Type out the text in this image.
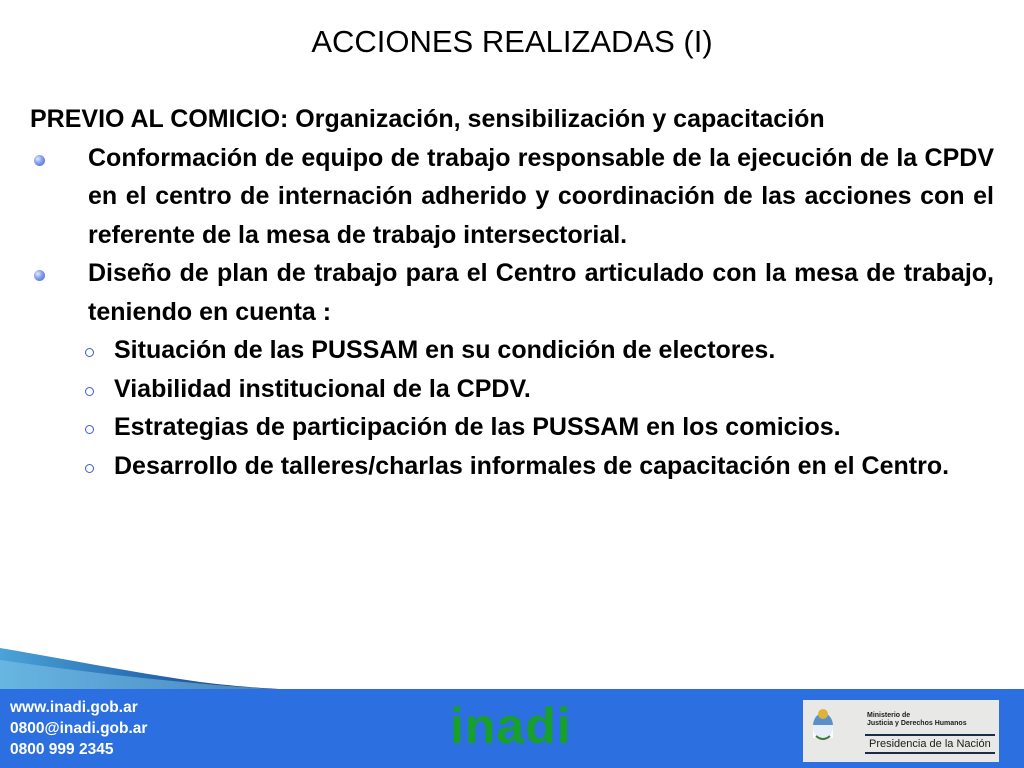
ACCIONES REALIZADAS (I)
PREVIO AL COMICIO: Organización, sensibilización y capacitación
Conformación de equipo de trabajo responsable de la ejecución de la CPDV en el centro de internación adherido y coordinación de las acciones con el referente de la mesa de trabajo intersectorial.
Diseño de plan de trabajo para el Centro articulado con la mesa de trabajo, teniendo en cuenta :
Situación de las PUSSAM en su condición de electores.
Viabilidad institucional de la CPDV.
Estrategias de participación de las PUSSAM en los comicios.
Desarrollo de talleres/charlas informales de capacitación en el Centro.
www.inadi.gob.ar
0800@inadi.gob.ar
0800 999 2345	inadi	Ministerio de
Justicia y Derechos Humanos
Presidencia de la Nación
